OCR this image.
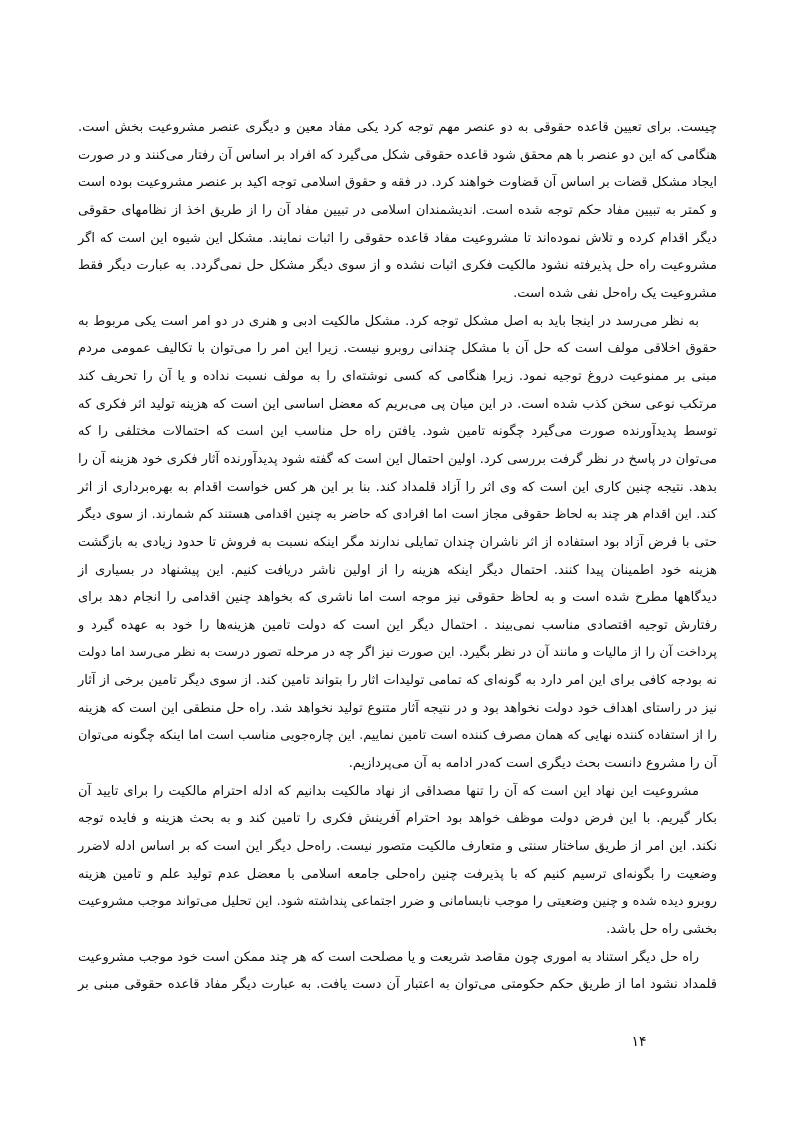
چیست. برای تعیین قاعده حقوقی به دو عنصر مهم توجه کرد یکی مفاد معین و دیگری عنصر مشروعیت بخش است.
هنگامی که این دو عنصر با هم محقق شود قاعده حقوقی شکل می‌گیرد که افراد بر اساس آن رفتار می‌کنند و در صورت
ایجاد مشکل قضات بر اساس آن قضاوت خواهند کرد. در فقه و حقوق اسلامی توجه اکید بر عنصر مشروعیت بوده است
و کمتر به تبیین مفاد حکم توجه شده است. اندیشمندان اسلامی در تبیین مفاد آن را از طریق اخذ از نظامهای حقوقی
دیگر اقدام کرده و تلاش نموده‌اند تا مشروعیت مفاد قاعده حقوقی را اثبات نمایند. مشکل این شیوه این است که اگر
مشروعیت راه حل پذیرفته نشود مالکیت فکری اثبات نشده و از سوی دیگر مشکل حل نمی‌گردد. به عبارت دیگر فقط
مشروعیت یک راه‌حل نفی شده است.
به نظر می‌رسد در اینجا باید به اصل مشکل توجه کرد. مشکل مالکیت ادبی و هنری در دو امر است یکی مربوط به
حقوق اخلاقی مولف است که حل آن با مشکل چندانی روبرو نیست. زیرا این امر را می‌توان با تکالیف عمومی مردم
مبنی بر ممنوعیت دروغ توجیه نمود. زیرا هنگامی که کسی نوشته‌ای را به مولف نسبت نداده و یا آن را تحریف کند
مرتکب نوعی سخن کذب شده است. در این میان پی می‌بریم که معضل اساسی این است که هزینه تولید اثر فکری که
توسط پدیدآورنده صورت می‌گیرد چگونه تامین شود. یافتن راه حل مناسب این است که احتمالات مختلفی را که
می‌توان در پاسخ در نظر گرفت بررسی کرد. اولین احتمال این است که گفته شود پدیدآورنده آثار فکری خود هزینه آن را
بدهد. نتیجه چنین کاری این است که وی اثر را آزاد قلمداد کند. بنا بر این هر کس خواست اقدام به بهره‌برداری از اثر
کند. این اقدام هر چند به لحاظ حقوقی مجاز است اما افرادی که حاضر به چنین اقدامی هستند کم شمارند. از سوی دیگر
حتی با فرض آزاد بود استفاده از اثر ناشران چندان تمایلی ندارند مگر اینکه نسبت به فروش تا حدود زیادی به بازگشت
هزینه خود اطمینان پیدا کنند. احتمال دیگر اینکه هزینه را از اولین ناشر دریافت کنیم. این پیشنهاد در بسیاری از
دیدگاهها مطرح شده است و به لحاظ حقوقی نیز موجه است اما ناشری که بخواهد چنین اقدامی را انجام دهد برای
رفتارش توجیه اقتصادی مناسب نمی‌بیند . احتمال دیگر این است که دولت تامین هزینه‌ها را خود به عهده گیرد و
پرداخت آن را از مالیات و مانند آن در نظر بگیرد. این صورت نیز اگر چه در مرحله تصور درست به نظر می‌رسد اما دولت
نه بودجه کافی برای این امر دارد به گونه‌ای که تمامی تولیدات اثار را بتواند تامین کند. از سوی دیگر تامین برخی از آثار
نیز در راستای اهداف خود دولت نخواهد بود و در نتیجه آثار متنوع تولید نخواهد شد. راه حل منطقی این است که هزینه
را از استفاده کننده نهایی که همان مصرف کننده است تامین نماییم. این چاره‌جویی مناسب است اما اینکه چگونه می‌توان
آن را مشروع دانست بحث دیگری است که‌در ادامه به آن می‌پردازیم.
مشروعیت این نهاد این است که آن را تنها مصداقی از نهاد مالکیت بدانیم که ادله احترام مالکیت را برای تایید آن
بکار گیریم. با این فرض دولت موظف خواهد بود احترام آفرینش فکری را تامین کند و به بحث هزینه و فایده توجه
نکند. این امر از طریق ساختار سنتی و متعارف مالکیت متصور نیست. راه‌حل دیگر این است که بر اساس ادله لاضرر
وضعیت را بگونه‌ای ترسیم کنیم که با پذیرفت چنین راه‌حلی جامعه اسلامی با معضل عدم تولید علم و تامین هزینه
روبرو دیده شده و چنین وضعیتی را موجب نابسامانی و ضرر اجتماعی پنداشته شود. این تحلیل می‌تواند موجب مشروعیت
بخشی راه حل باشد.
راه حل دیگر استناد به اموری چون مقاصد شریعت و یا مصلحت است که هر چند ممکن است خود موجب مشروعیت
قلمداد نشود اما از طریق حکم حکومتی می‌توان به اعتبار آن دست یافت. به عبارت دیگر مفاد قاعده حقوقی مبنی بر
۱۴
